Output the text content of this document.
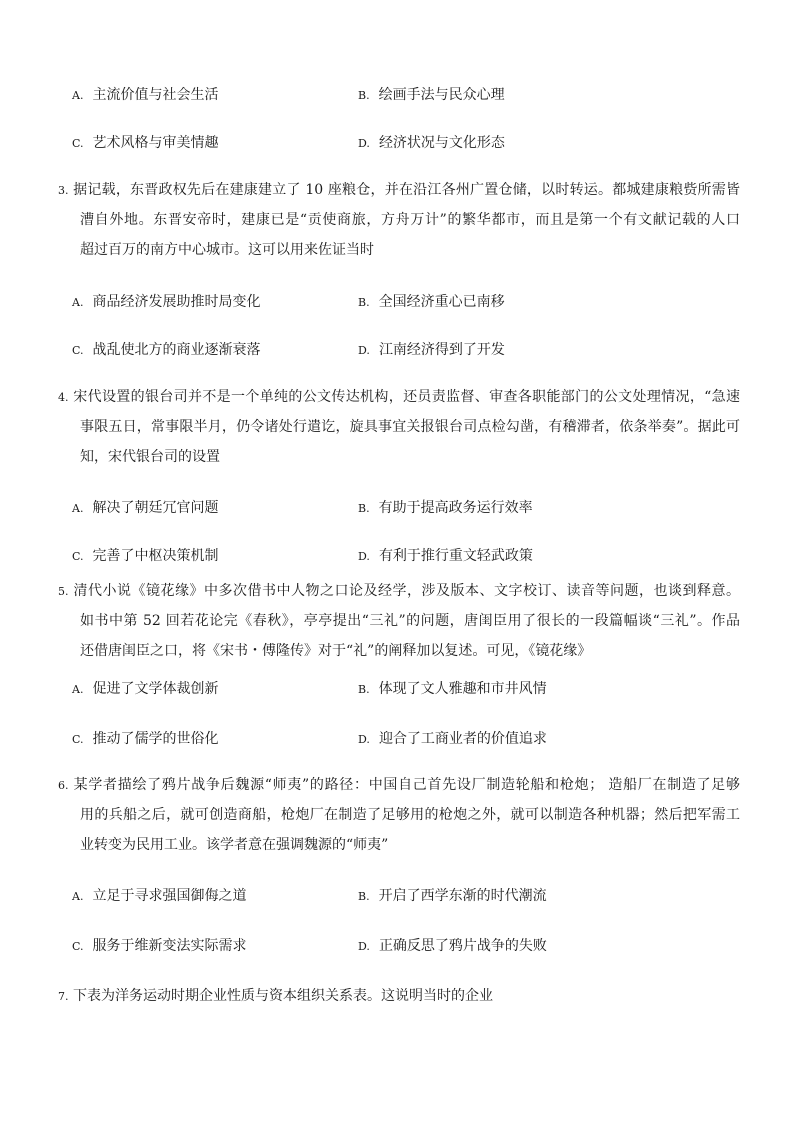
A. 主流价值与社会生活	B. 绘画手法与民众心理
C. 艺术风格与审美情趣	D. 经济状况与文化形态
3. 据记载，东晋政权先后在建康建立了 10 座粮仓，并在沿江各州广置仓储，以时转运。都城建康粮赀所需皆
漕自外地。东晋安帝时，建康已是“贡使商旅，方舟万计”的繁华都市，而且是第一个有文献记载的人口
超过百万的南方中心城市。这可以用来佐证当时
A. 商品经济发展助推时局变化	B. 全国经济重心已南移
C. 战乱使北方的商业逐渐衰落	D. 江南经济得到了开发
4. 宋代设置的银台司并不是一个单纯的公文传达机构，还员责监督、审查各职能部门的公文处理情况，“急速
事限五日，常事限半月，仍令诸处行遣讫，旋具事宜关报银台司点检勾凿，有稽滞者，依条举奏”。据此可
知，宋代银台司的设置
A. 解决了朝廷冗官问题	B. 有助于提高政务运行效率
C. 完善了中枢决策机制	D. 有利于推行重文轻武政策
5. 清代小说《镜花缘》中多次借书中人物之口论及经学，涉及版本、文字校订、读音等问题，也谈到释意。
如书中第 52 回若花论完《春秋》，亭亭提出“三礼”的问题，唐闺臣用了很长的一段篇幅谈“三礼”。作品
还借唐闺臣之口，将《宋书・傅隆传》对于“礼”的阐释加以复述。可见，《镜花缘》
A. 促进了文学体裁创新	B. 体现了文人雅趣和市井风情
C. 推动了儒学的世俗化	D. 迎合了工商业者的价值追求
6. 某学者描绘了鸦片战争后魏源“师夷”的路径：中国自己首先设厂制造轮船和枪炮； 造船厂在制造了足够
用的兵船之后，就可创造商船，枪炮厂在制造了足够用的枪炮之外，就可以制造各种机器；然后把军需工
业转变为民用工业。该学者意在强调魏源的“师夷”
A. 立足于寻求强国御侮之道	B. 开启了西学东渐的时代潮流
C. 服务于维新变法实际需求	D. 正确反思了鸦片战争的失败
7. 下表为洋务运动时期企业性质与资本组织关系表。这说明当时的企业
